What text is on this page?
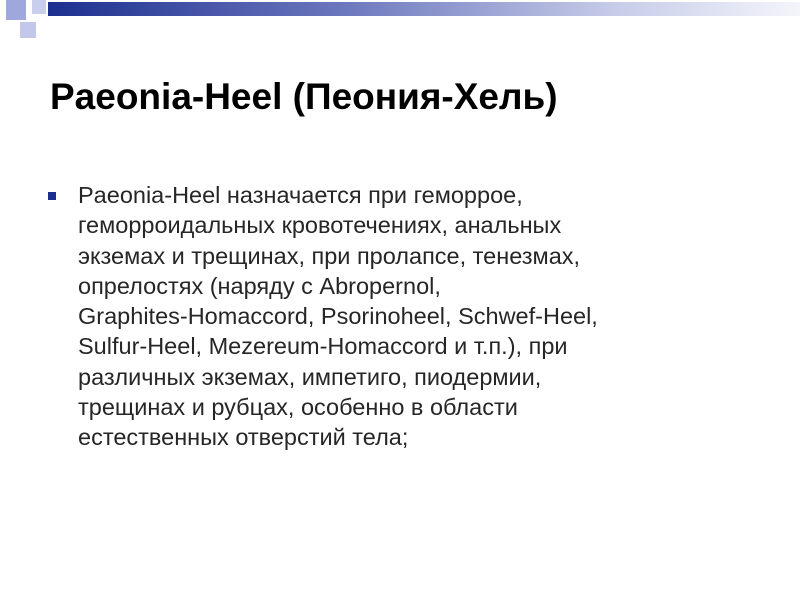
Paeonia-Heel (Пеония-Хель)

Paeonia-Heel назначается при геморрое,
геморроидальных кровотечениях, анальных
экземах и трещинах, при пролапсе, тенезмах,
опрелостях (наряду с Abropernol,
Graphites-Homaccord, Psorinoheel, Schwef-Heel,
Sulfur-Heel, Mezereum-Homaccord и т.п.), при
различных экземах, импетиго, пиодермии,
трещинах и рубцах, особенно в области
естественных отверстий тела;
